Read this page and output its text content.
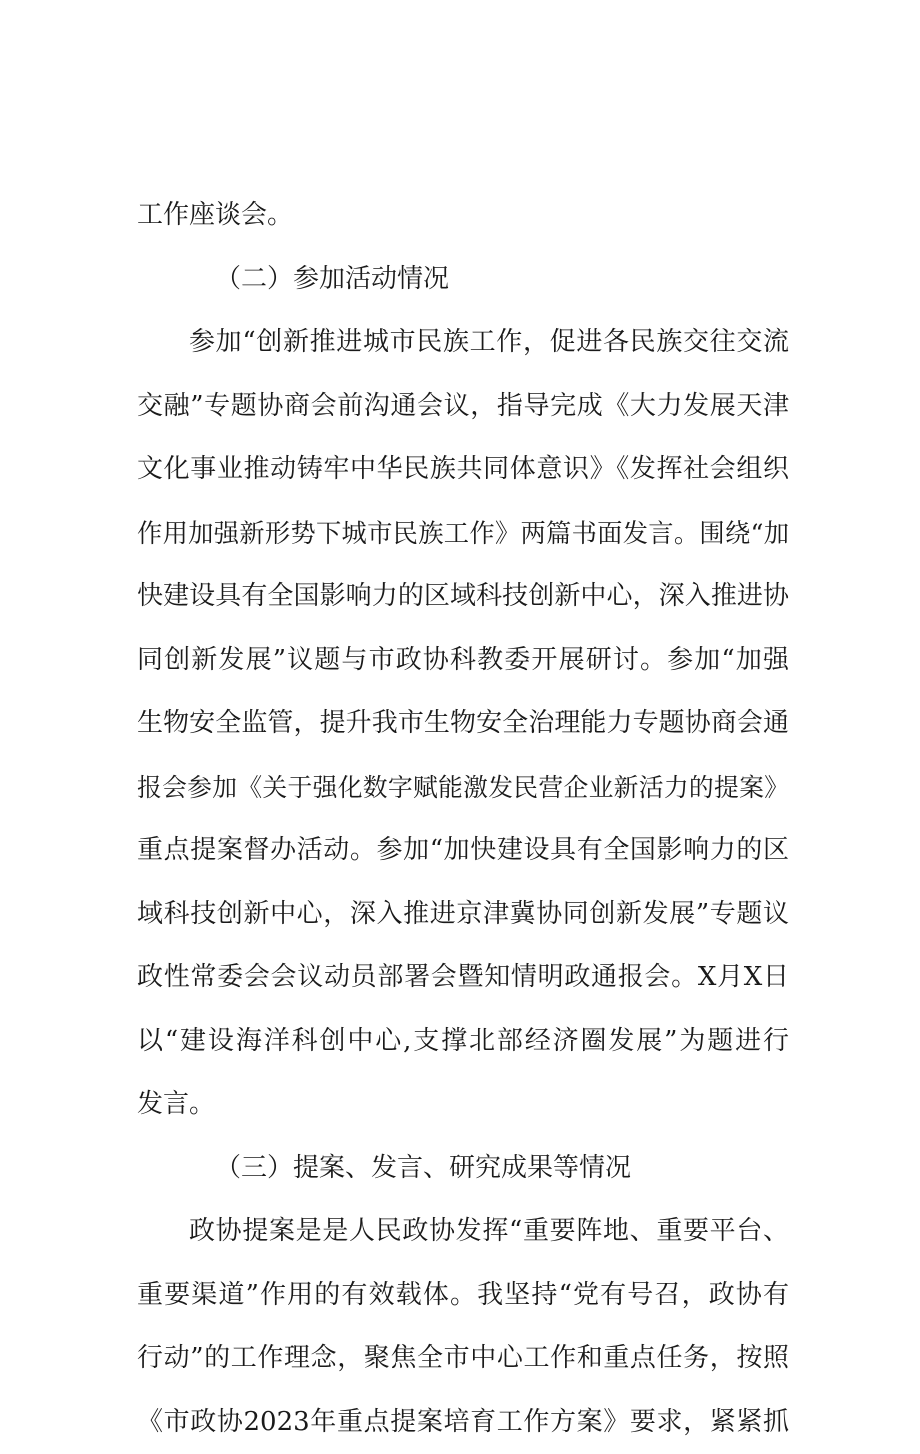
工作座谈会。
（二）参加活动情况
参加“创新推进城市民族工作，促进各民族交往交流
交融”专题协商会前沟通会议，指导完成《大力发展天津
文化事业推动铸牢中华民族共同体意识》《发挥社会组织
作用加强新形势下城市民族工作》两篇书面发言。围绕“加
快建设具有全国影响力的区域科技创新中心，深入推进协
同创新发展”议题与市政协科教委开展研讨。参加“加强
生物安全监管，提升我市生物安全治理能力专题协商会通
报会参加《关于强化数字赋能激发民营企业新活力的提案》
重点提案督办活动。参加“加快建设具有全国影响力的区
域科技创新中心，深入推进京津冀协同创新发展”专题议
政性常委会会议动员部署会暨知情明政通报会。X月X日
以“建设海洋科创中心,支撑北部经济圈发展”为题进行
发言。
（三）提案、发言、研究成果等情况
政协提案是是人民政协发挥“重要阵地、重要平台、
重要渠道”作用的有效载体。我坚持“党有号召，政协有
行动”的工作理念，聚焦全市中心工作和重点任务，按照
《市政协2023年重点提案培育工作方案》要求，紧紧抓
